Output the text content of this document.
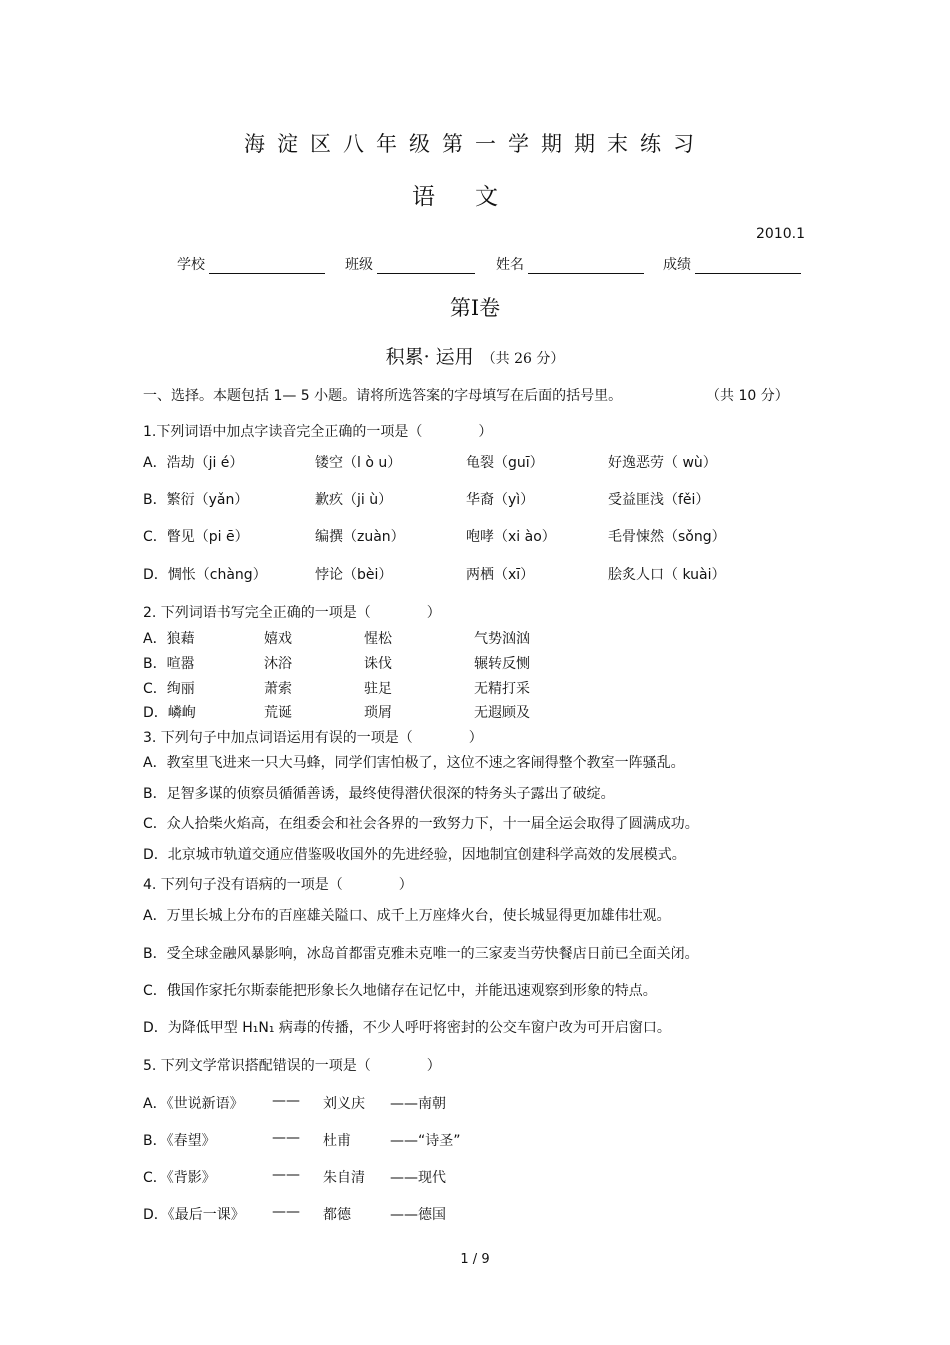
海淀区八年级第一学期期末练习
语文
2010.1
学校	班级	姓名	成绩
第Ⅰ卷
积累· 运用 （共 26 分）
一、选择。本题包括 1— 5 小题。请将所选答案的字母填写在后面的括号里。	（共 10 分）
1.下列词语中加点字读音完全正确的一项是（　　　　）
A．浩劫（ji é）	镂空（l ò u）	龟裂（guī）	好逸恶劳（ wù）
B．繁衍（yǎn）	歉疚（ji ù）	华裔（yì）	受益匪浅（fěi）
C．瞥见（pi ē）	编撰（zuàn）	咆哮（xi ào）	毛骨悚然（sǒng）
D．惆怅（chàng）	悖论（bèi）	两栖（xī）	脍炙人口（ kuài）
2. 下列词语书写完全正确的一项是（　　　　）
A．狼藉	嬉戏	惺松	气势汹汹
B．喧嚣	沐浴	诛伐	辗转反恻
C．绚丽	萧索	驻足	无精打采
D．嶙峋	荒诞	琐屑	无遐顾及
3. 下列句子中加点词语运用有误的一项是（　　　　）
A．教室里飞进来一只大马蜂，同学们害怕极了，这位不速之客闹得整个教室一阵骚乱。
B．足智多谋的侦察员循循善诱，最终使得潜伏很深的特务头子露出了破绽。
C．众人拾柴火焰高，在组委会和社会各界的一致努力下，十一届全运会取得了圆满成功。
D．北京城市轨道交通应借鉴吸收国外的先进经验，因地制宜创建科学高效的发展模式。
4. 下列句子没有语病的一项是（　　　　）
A．万里长城上分布的百座雄关隘口、成千上万座烽火台，使长城显得更加雄伟壮观。
B．受全球金融风暴影响，冰岛首都雷克雅未克唯一的三家麦当劳快餐店日前已全面关闭。
C．俄国作家托尔斯泰能把形象长久地储存在记忆中，并能迅速观察到形象的特点。
D．为降低甲型 H₁N₁ 病毒的传播，不少人呼吁将密封的公交车窗户改为可开启窗口。
5. 下列文学常识搭配错误的一项是（　　　　）
A．《世说新语》 —— 刘义庆 ——南朝
B．《春望》	—— 杜甫	——“诗圣”
C．《背影》	—— 朱自清 ——现代
D．《最后一课》 —— 都德	——德国
1 / 9
